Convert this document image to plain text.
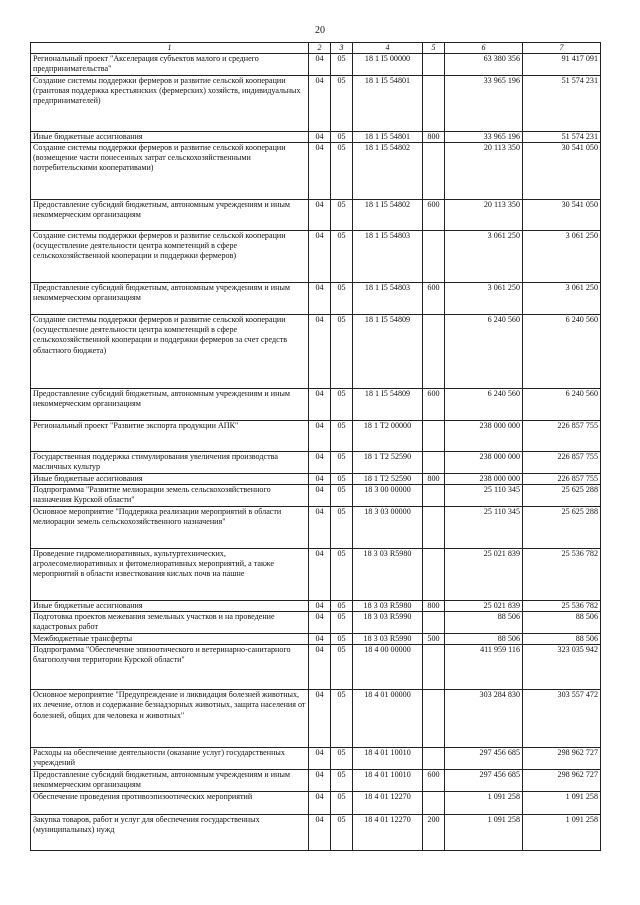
20
1	2	3	4	5	6	7
Региональный проект "Акселерация субъектов малого и среднего предпринимательства"	04	05	18 1 I5 00000		63 380 356	91 417 091
Создание системы поддержки фермеров и развитие сельской кооперации (грантовая поддержка крестьянских (фермерских) хозяйств, индивидуальных предпринимателей)	04	05	18 1 I5 54801		33 965 196	51 574 231
Иные бюджетные ассигнования	04	05	18 1 I5 54801	800	33 965 196	51 574 231
Создание системы поддержки фермеров и развитие сельской кооперации (возмещение части понесенных затрат сельскохозяйственными потребительскими кооперативами)	04	05	18 1 I5 54802		20 113 350	30 541 050
Предоставление субсидий бюджетным, автономным учреждениям и иным некоммерческим организациям	04	05	18 1 I5 54802	600	20 113 350	30 541 050
Создание системы поддержки фермеров и развитие сельской кооперации (осуществление деятельности центра компетенций в сфере сельскохозяйственной кооперации и поддержки фермеров)	04	05	18 1 I5 54803		3 061 250	3 061 250
Предоставление субсидий бюджетным, автономным учреждениям и иным некоммерческим организациям	04	05	18 1 I5 54803	600	3 061 250	3 061 250
Создание системы поддержки фермеров и развитие сельской кооперации (осуществление деятельности центра компетенций в сфере сельскохозяйственной кооперации и поддержки фермеров за счет средств областного бюджета)	04	05	18 1 I5 54809		6 240 560	6 240 560
Предоставление субсидий бюджетным, автономным учреждениям и иным некоммерческим организациям	04	05	18 1 I5 54809	600	6 240 560	6 240 560
Региональный проект "Развитие экспорта продукции АПК"	04	05	18 1 T2 00000		238 000 000	226 857 755
Государственная поддержка стимулирования увеличения производства масличных культур	04	05	18 1 T2 52590		238 000 000	226 857 755
Иные бюджетные ассигнования	04	05	18 1 T2 52590	800	238 000 000	226 857 755
Подпрограмма "Развитие мелиорации земель сельскохозяйственного назначения Курской области"	04	05	18 3 00 00000		25 110 345	25 625 288
Основное мероприятие "Поддержка реализации мероприятий в области мелиорации земель сельскохозяйственного назначения"	04	05	18 3 03 00000		25 110 345	25 625 288
Проведение гидромелиоративных, культуртехнических, агролесомелиоративных и фитомелиоративных мероприятий, а также мероприятий в области известкования кислых почв на пашне	04	05	18 3 03 R5980		25 021 839	25 536 782
Иные бюджетные ассигнования	04	05	18 3 03 R5980	800	25 021 839	25 536 782
Подготовка проектов межевания земельных участков и на проведение кадастровых работ	04	05	18 3 03 R5990		88 506	88 506
Межбюджетные трансферты	04	05	18 3 03 R5990	500	88 506	88 506
Подпрограмма "Обеспечение эпизоотического и ветеринарно-санитарного благополучия территории Курской области"	04	05	18 4 00 00000		411 959 116	323 035 942
Основное мероприятие "Предупреждение и ликвидация болезней животных, их лечение, отлов и содержание безнадзорных животных, защита населения от болезней, общих для человека и животных"	04	05	18 4 01 00000		303 284 830	303 557 472
Расходы на обеспечение деятельности (оказание услуг) государственных учреждений	04	05	18 4 01 10010		297 456 685	298 962 727
Предоставление субсидий бюджетным, автономным учреждениям и иным некоммерческим организациям	04	05	18 4 01 10010	600	297 456 685	298 962 727
Обеспечение проведения противоэпизоотических мероприятий	04	05	18 4 01 12270		1 091 258	1 091 258
Закупка товаров, работ и услуг для обеспечения государственных (муниципальных) нужд	04	05	18 4 01 12270	200	1 091 258	1 091 258
